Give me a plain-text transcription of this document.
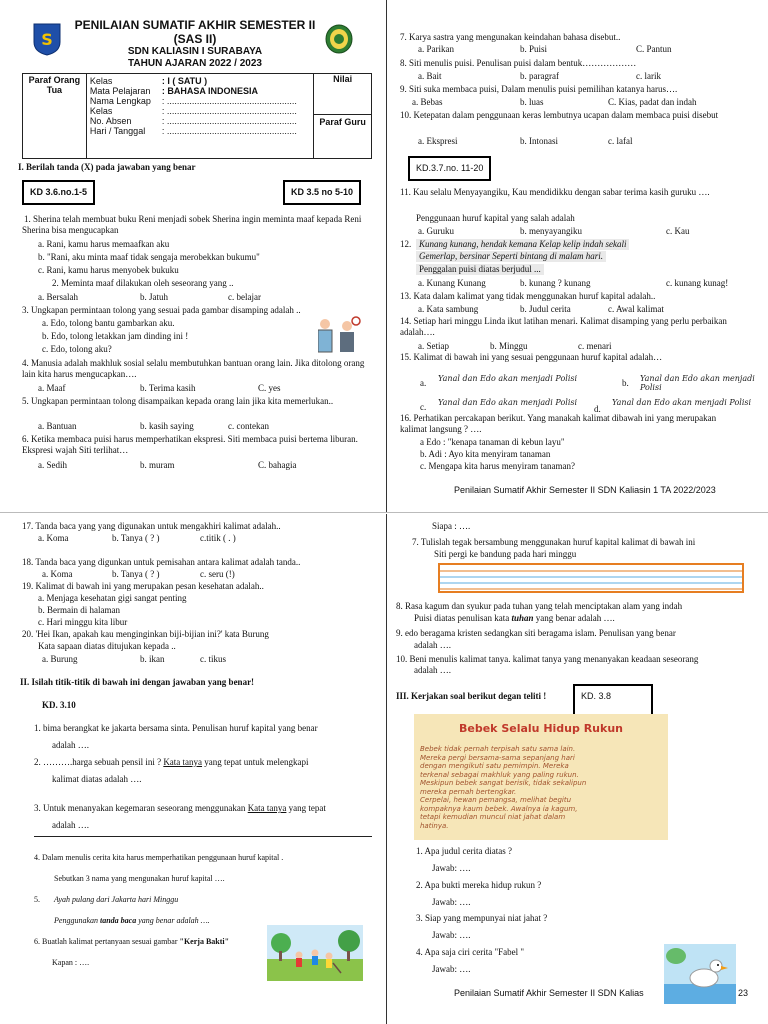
S
PENILAIAN SUMATIF AKHIR SEMESTER II
(SAS II)
SDN KALIASIN I SURABAYA
TAHUN AJARAN 2022 / 2023
Paraf Orang Tua	
Kelas	: I ( SATU )
Mata Pelajaran	: BAHASA INDONESIA
Nama Lengkap	: ....................................................
Kelas	: ....................................................
No. Absen	: ....................................................
Hari / Tanggal	: ....................................................

Nilai
Paraf Guru
I. Berilah tanda (X) pada jawaban yang benar
KD 3.6.no.1-5	KD 3.5 no 5-10
1. Sherina telah membuat buku Reni menjadi sobek Sherina ingin meminta maaf kepada Reni Sherina bisa mengucapkan
a. Rani, kamu harus memaafkan aku
b. "Rani, aku minta maaf tidak sengaja merobekkan bukumu"
c. Rani, kamu harus menyobek bukuku
2. Meminta maaf dilakukan oleh seseorang yang ..
a. Bersalah	b. Jatuh	c. belajar
3. Ungkapan permintaan tolong yang sesuai pada gambar disamping adalah ..
a. Edo, tolong bantu gambarkan aku.
b. Edo, tolong letakkan jam dinding ini !
c. Edo, tolong aku?
4. Manusia adalah makhluk sosial selalu membutuhkan bantuan orang lain. Jika ditolong orang lain kita harus mengucapkan….
a. Maaf	b. Terima kasih	C. yes
5. Ungkapan permintaan tolong disampaikan kepada orang lain jika kita memerlukan..
a. Bantuan	b. kasih saying	c. contekan
6. Ketika membaca puisi harus memperhatikan ekspresi. Siti membaca puisi bertema liburan. Ekspresi wajah Siti terlihat…
a. Sedih	b. muram	C. bahagia
7. Karya sastra yang mengunakan keindahan bahasa disebut..
a. Parikan	b. Puisi	C. Pantun
8. Siti menulis puisi. Penulisan puisi dalam bentuk………………
a. Bait	b. paragraf	c. larik
9. Siti suka membaca puisi, Dalam menulis puisi pemilihan katanya harus….
a. Bebas	b. luas	C. Kias, padat dan indah
10. Ketepatan dalam penggunaan keras lembutnya ucapan dalam membaca puisi disebut
a. Ekspresi	b. Intonasi	c. lafal
KD.3.7.no. 11-20
11. Kau selalu Menyayangiku, Kau mendidikku dengan sabar terima kasih guruku ….
Penggunaan huruf kapital yang salah adalah
a. Guruku	b. menyayangiku	c. Kau
12. Kunang kunang, hendak kemana Kelap kelip indah sekali
Gemerlap, bersinar Seperti bintang di malam hari.
Penggalan puisi diatas berjudul ...
a. Kunang Kunang	b. kunang ? kunang	c. kunang kunag!
13. Kata dalam kalimat yang tidak menggunakan huruf kapital adalah..
a. Kata sambung	b. Judul cerita	c. Awal kalimat
14. Setiap hari minggu Linda ikut latihan menari. Kalimat disamping yang perlu perbaikan adalah….
a. Setiap	b. Minggu	c. menari
15. Kalimat di bawah ini yang sesuai penggunaan huruf kapital adalah…
a. Yanal dan Edo akan menjadi Polisi	b. Yanal dan Edo akan menjadi Polisi
c. Yanal dan Edo akan menjadi Polisi
d.
Yanal dan Edo akan menjadi Polisi
16. Perhatikan percakapan berikut. Yang manakah kalimat dibawah ini yang merupakan kalimat langsung ? ….
a Edo : "kenapa tanaman di kebun layu"
b. Adi : Ayo kita menyiram tanaman
c. Mengapa kita harus menyiram tanaman?
Penilaian Sumatif Akhir Semester II SDN Kaliasin 1 TA 2022/2023
17. Tanda baca yang yang digunakan untuk mengakhiri kalimat adalah..
a. Koma	b. Tanya ( ? )	c.titik ( . )
18. Tanda baca yang digunkan untuk pemisahan antara kalimat adalah tanda..
a. Koma	b. Tanya ( ? )	c. seru (!)
19. Kalimat di bawah ini yang merupakan pesan kesehatan adalah..
a. Menjaga kesehatan gigi sangat penting
b. Bermain di halaman
c. Hari minggu kita libur
20. 'Hei Ikan, apakah kau menginginkan biji-bijian ini?' kata Burung
Kata sapaan diatas ditujukan kepada ..
a. Burung	b. ikan	c. tikus
II. Isilah titik-titik di bawah ini dengan jawaban yang benar!
KD. 3.10
1. bima berangkat ke jakarta bersama sinta. Penulisan huruf kapital yang benar
adalah ….
2. ……….harga sebuah pensil ini ? Kata tanya yang tepat untuk melengkapi
kalimat diatas adalah ….
3. Untuk menanyakan kegemaran seseorang menggunakan Kata tanya yang tepat
adalah ….
4. Dalam menulis cerita kita harus memperhatikan penggunaan huruf kapital .
Sebutkan 3 nama yang mengunakan huruf kapital ….
5. Ayah pulang dari Jakarta hari Minggu
Penggunakan tanda baca yang benar adalah ….
6. Buatlah kalimat pertanyaan sesuai gambar "Kerja Bakti"
Kapan : ….
Siapa : ….
7. Tulislah tegak bersambung menggunakan huruf kapital kalimat di bawah ini
Siti pergi ke bandung pada hari minggu
8. Rasa kagum dan syukur pada tuhan yang telah menciptakan alam yang indah
Puisi diatas penulisan kata tuhan yang benar adalah ….
9. edo beragama kristen sedangkan siti beragama islam. Penulisan yang benar
adalah ….
10. Beni menulis kalimat tanya. kalimat tanya yang menanyakan keadaan seseorang
adalah ….
III. Kerjakan soal berikut degan teliti !	KD. 3.8
Bebek Selalu Hidup Rukun
Bebek tidak pernah terpisah satu sama lain.
Mereka pergi bersama-sama sepanjang hari
dengan mengikuti satu pemimpin. Mereka
terkenal sebagai makhluk yang paling rukun.
Meskipun bebek sangat berisik, tidak sekalipun
mereka pernah bertengkar.
Cerpelai, hewan pemangsa, melihat begitu
kompaknya kaum bebek. Awalnya ia kagum,
tetapi kemudian muncul niat jahat dalam
hatinya.
1. Apa judul cerita diatas ?
Jawab: ….
2. Apa bukti mereka hidup rukun ?
Jawab: ….
3. Siap yang mempunyai niat jahat ?
Jawab: ….
4. Apa saja ciri cerita "Fabel "
Jawab: ….
Penilaian Sumatif Akhir Semester II SDN Kalias	23
